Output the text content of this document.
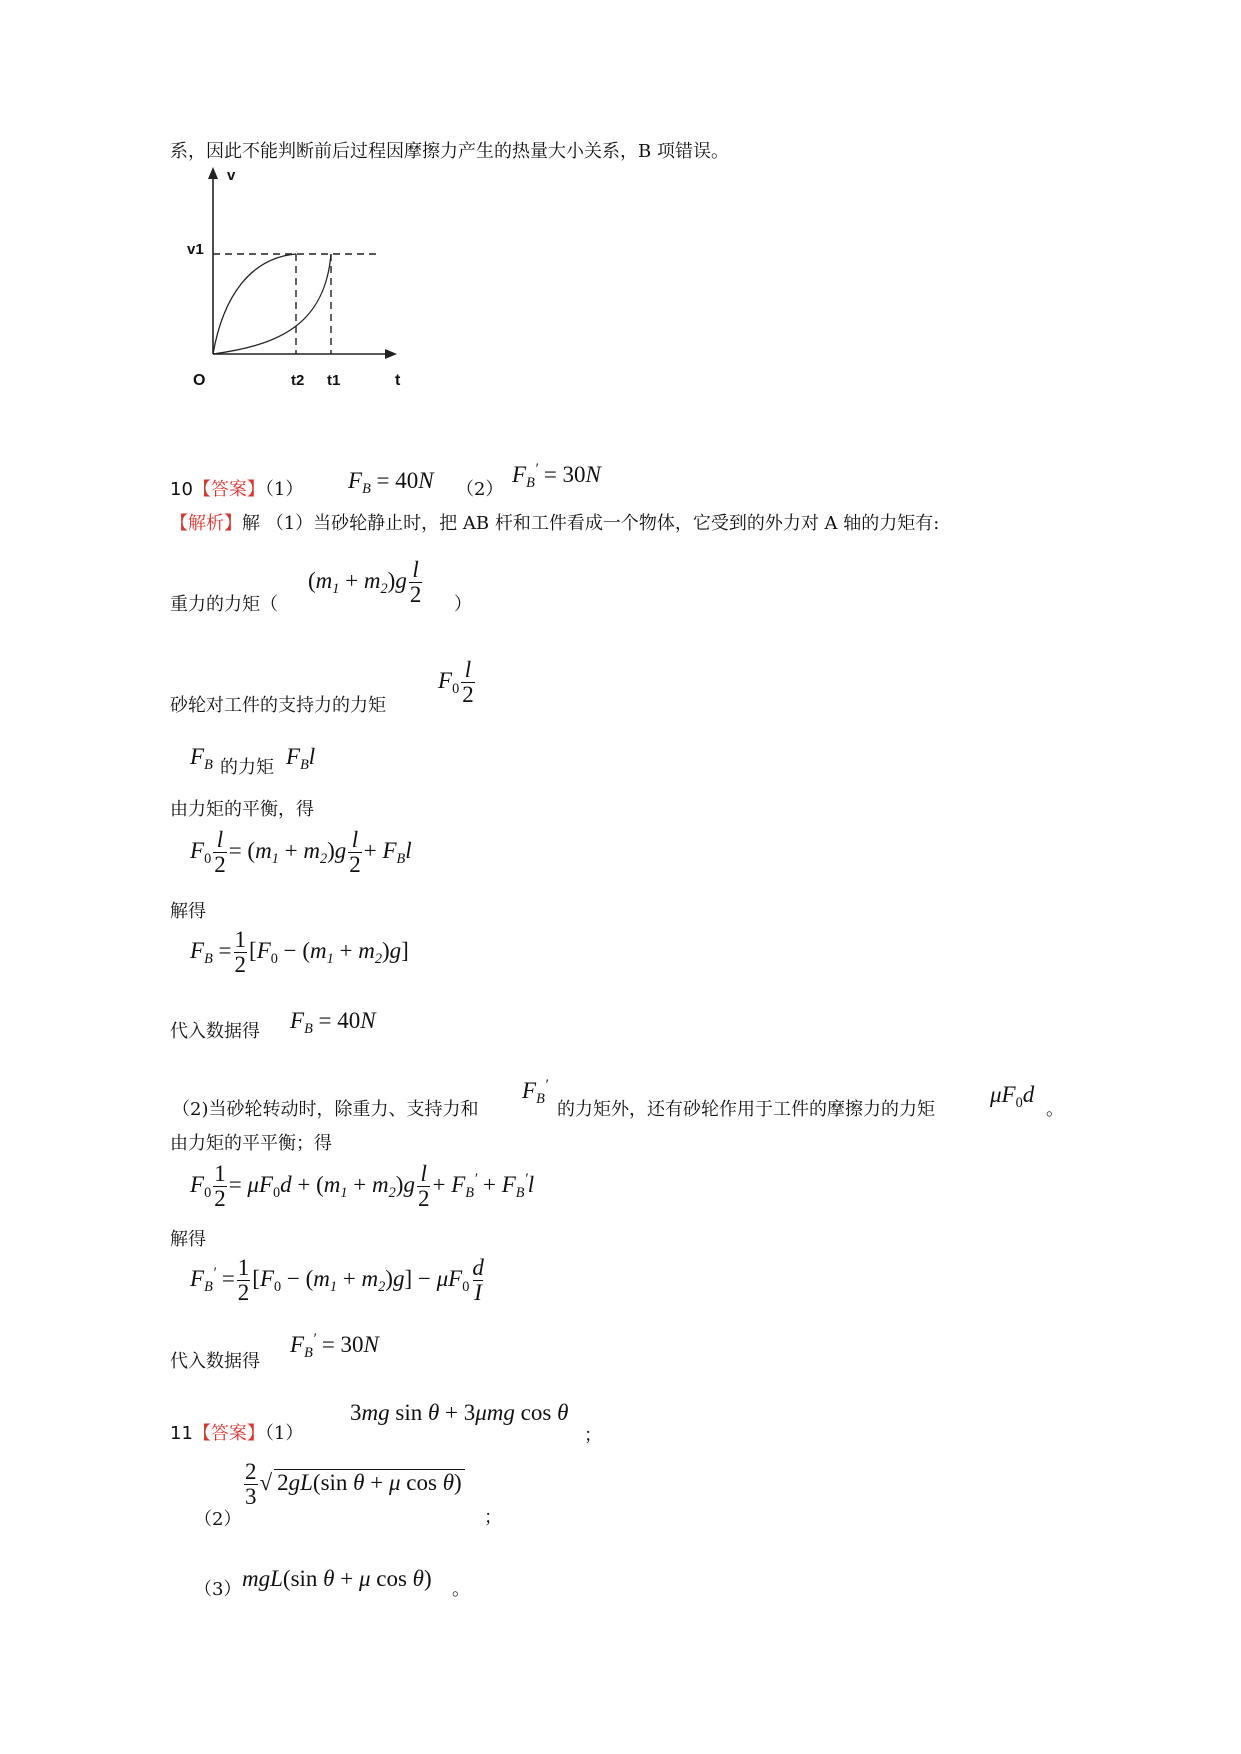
系，因此不能判断前后过程因摩擦力产生的热量大小关系，B 项错误。
v
v1
O	t2 t1	t
10【答案】（1） $F_B = 40N$ （2）
$F_B' = 30N$
【解析】解 （1）当砂轮静止时，把 AB 杆和工件看成一个物体，它受到的外力对 A 轴的力矩有:
重力的力矩（
$(m_1 + m_2)g \frac{l}{2}$ ）
砂轮对工件的支持力的力矩
$F_0 \frac{l}{2}$
$F_B$ 的力矩 $F_Bl$
由力矩的平衡，得
$F_0 \frac{l}{2} = (m_1 + m_2)g \frac{l}{2} + F_Bl$
解得
$F_B = \frac{1}{2} [F_0 - (m_1 + m_2)g]$
代入数据得 $F_B = 40N$
（2)当砂轮转动时，除重力、支持力和
$F_B'$
的力矩外，还有砂轮作用于工件的摩擦力的力矩
$\mu F_0d$
。
由力矩的平平衡；得
$F_0 \frac{1}{2} = \mu F_0d + (m_1 + m_2)g \frac{l}{2} + F_B' + F_B'l$
解得
$F_B' = \frac{1}{2} [F_0 - (m_1 + m_2)g] - \mu F_0 \frac{d}{I}$
代入数据得
$F_B' = 30N$
11【答案】（1）
3mg sin θ + 3μmg cos θ
；
（2）
$\frac{2}{3}$ √ 2gL(sin θ + μ cos θ)
；
（3） mgL(sin θ + μ cos θ) 。
